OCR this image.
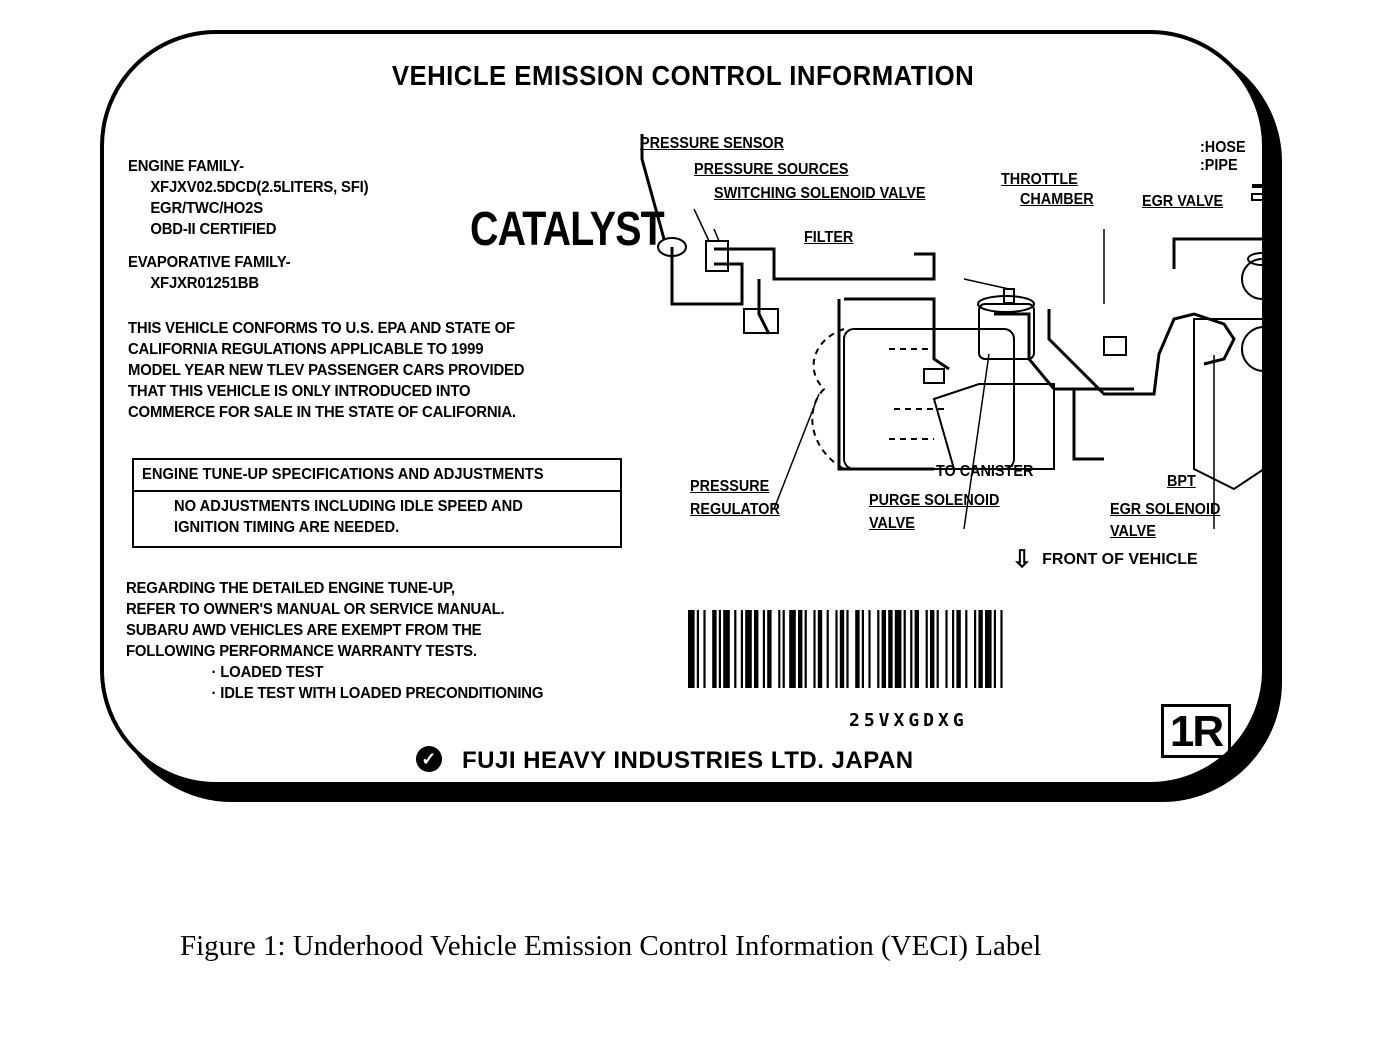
VEHICLE EMISSION CONTROL INFORMATION
ENGINE FAMILY-
XFJXV02.5DCD(2.5LITERS, SFI)
EGR/TWC/HO2S
OBD-II CERTIFIED
EVAPORATIVE FAMILY-
XFJXR01251BB
CATALYST
THIS VEHICLE CONFORMS TO U.S. EPA AND STATE OF
CALIFORNIA REGULATIONS APPLICABLE TO 1999
MODEL YEAR NEW TLEV PASSENGER CARS PROVIDED
THAT THIS VEHICLE IS ONLY INTRODUCED INTO
COMMERCE FOR SALE IN THE STATE OF CALIFORNIA.
ENGINE TUNE-UP SPECIFICATIONS AND ADJUSTMENTS
NO ADJUSTMENTS INCLUDING IDLE SPEED AND
IGNITION TIMING ARE NEEDED.
REGARDING THE DETAILED ENGINE TUNE-UP,
REFER TO OWNER'S MANUAL OR SERVICE MANUAL.
SUBARU AWD VEHICLES ARE EXEMPT FROM THE
FOLLOWING PERFORMANCE WARRANTY TESTS.
· LOADED TEST
· IDLE TEST WITH LOADED PRECONDITIONING
PRESSURE SENSOR
PRESSURE SOURCES
SWITCHING SOLENOID VALVE
FILTER
THROTTLE
CHAMBER	EGR VALVE
:HOSE
:PIPE
PRESSURE
REGULATOR
TO CANISTER
PURGE SOLENOID
VALVE
BPT
EGR SOLENOID
VALVE
⇩ FRONT OF VEHICLE
25VXGDXG	1R
✓ FUJI HEAVY INDUSTRIES LTD. JAPAN
Figure 1: Underhood Vehicle Emission Control Information (VECI) Label
